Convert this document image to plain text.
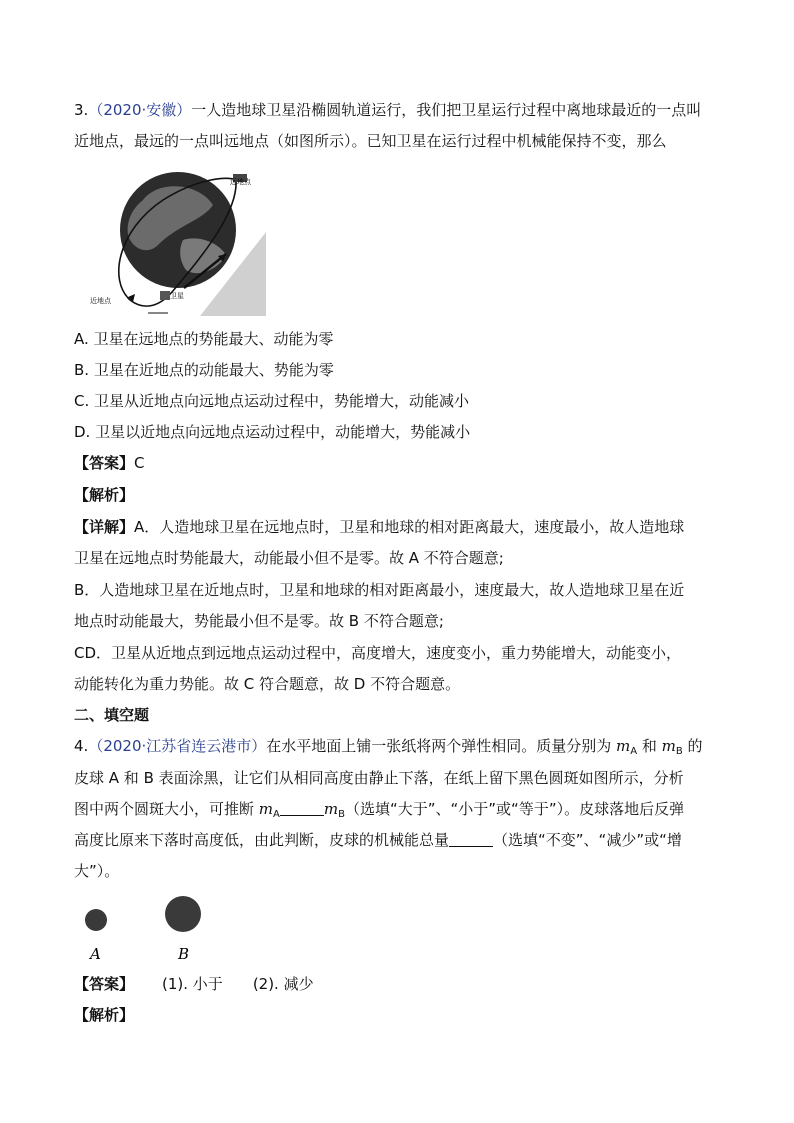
3.（2020·安徽）一人造地球卫星沿椭圆轨道运行，我们把卫星运行过程中离地球最近的一点叫
近地点，最远的一点叫远地点（如图所示）。已知卫星在运行过程中机械能保持不变，那么
远地点
近地点
卫星
A. 卫星在远地点的势能最大、动能为零
B. 卫星在近地点的动能最大、势能为零
C. 卫星从近地点向远地点运动过程中，势能增大，动能减小
D. 卫星以近地点向远地点运动过程中，动能增大，势能减小
【答案】C
【解析】
【详解】A．人造地球卫星在远地点时，卫星和地球的相对距离最大，速度最小，故人造地球
卫星在远地点时势能最大，动能最小但不是零。故 A 不符合题意;
B．人造地球卫星在近地点时，卫星和地球的相对距离最小，速度最大，故人造地球卫星在近
地点时动能最大，势能最小但不是零。故 B 不符合题意;
CD．卫星从近地点到远地点运动过程中，高度增大，速度变小，重力势能增大，动能变小，
动能转化为重力势能。故 C 符合题意，故 D 不符合题意。
二、填空题
4.（2020·江苏省连云港市）在水平地面上铺一张纸将两个弹性相同。质量分别为 $m_A$ 和 $m_B$ 的
皮球 A 和 B 表面涂黑，让它们从相同高度由静止下落，在纸上留下黑色圆斑如图所示，分析
图中两个圆斑大小，可推断 $m_A$	$m_B$（选填“大于”、“小于”或“等于”）。皮球落地后反弹
高度比原来下落时高度低，由此判断，皮球的机械能总量	（选填“不变”、“减少”或“增
大”）。
A	B
【答案】 (1). 小于 (2). 减少
【解析】
